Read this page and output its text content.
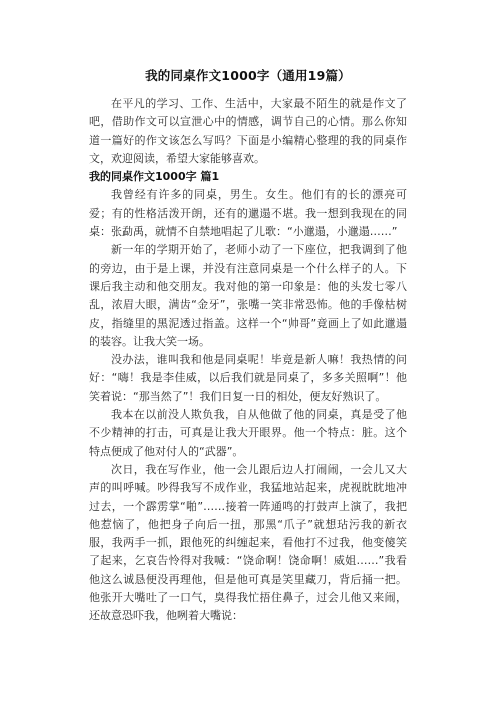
我的同桌作文1000字（通用19篇）

在平凡的学习、工作、生活中，大家最不陌生的就是作文了吧，借助作文可以宣泄心中的情感，调节自己的心情。那么你知道一篇好的作文该怎么写吗？下面是小编精心整理的我的同桌作文，欢迎阅读，希望大家能够喜欢。

我的同桌作文1000字 篇1

我曾经有许多的同桌，男生。女生。他们有的长的漂亮可爱；有的性格活泼开朗，还有的邋遢不堪。我一想到我现在的同桌：张勐禹，就情不自禁地唱起了儿歌：“小邋遢，小邋遢……”

新一年的学期开始了，老师小动了一下座位，把我调到了他的旁边，由于是上课，并没有注意同桌是一个什么样子的人。下课后我主动和他交朋友。我对他的第一印象是：他的头发七零八乱，浓眉大眼，满齿“金牙”，张嘴一笑非常恐怖。他的手像枯树皮，指缝里的黑泥透过指盖。这样一个“帅哥”竟画上了如此邋遢的装容。让我大笑一场。

没办法，谁叫我和他是同桌呢！毕竟是新人嘛！我热情的问好：“嗨！我是李佳威，以后我们就是同桌了，多多关照啊”！他笑着说：“那当然了”！我们日复一日的相处，便友好熟识了。

我本在以前没人欺负我，自从他做了他的同桌，真是受了他不少精神的打击，可真是让我大开眼界。他一个特点：脏。这个特点便成了他对付人的“武器”。

次日，我在写作业，他一会儿跟后边人打闹闹，一会儿又大声的叫呼喊。吵得我写不成作业，我猛地站起来，虎视眈眈地冲过去，一个霹雳掌“啪”……接着一阵通鸣的打鼓声上演了，我把他惹恼了，他把身子向后一扭，那黑“爪子”就想玷污我的新衣服，我两手一抓，跟他死的纠缠起来，看他打不过我，他变傻笑了起来，乞哀告怜得对我喊：“饶命啊！饶命啊！威姐……”我看他这么诚恳便没再理他，但是他可真是笑里藏刀，背后捅一把。他张开大嘴吐了一口气，臭得我忙捂住鼻子，过会儿他又来闹，还故意恐吓我，他咧着大嘴说：
